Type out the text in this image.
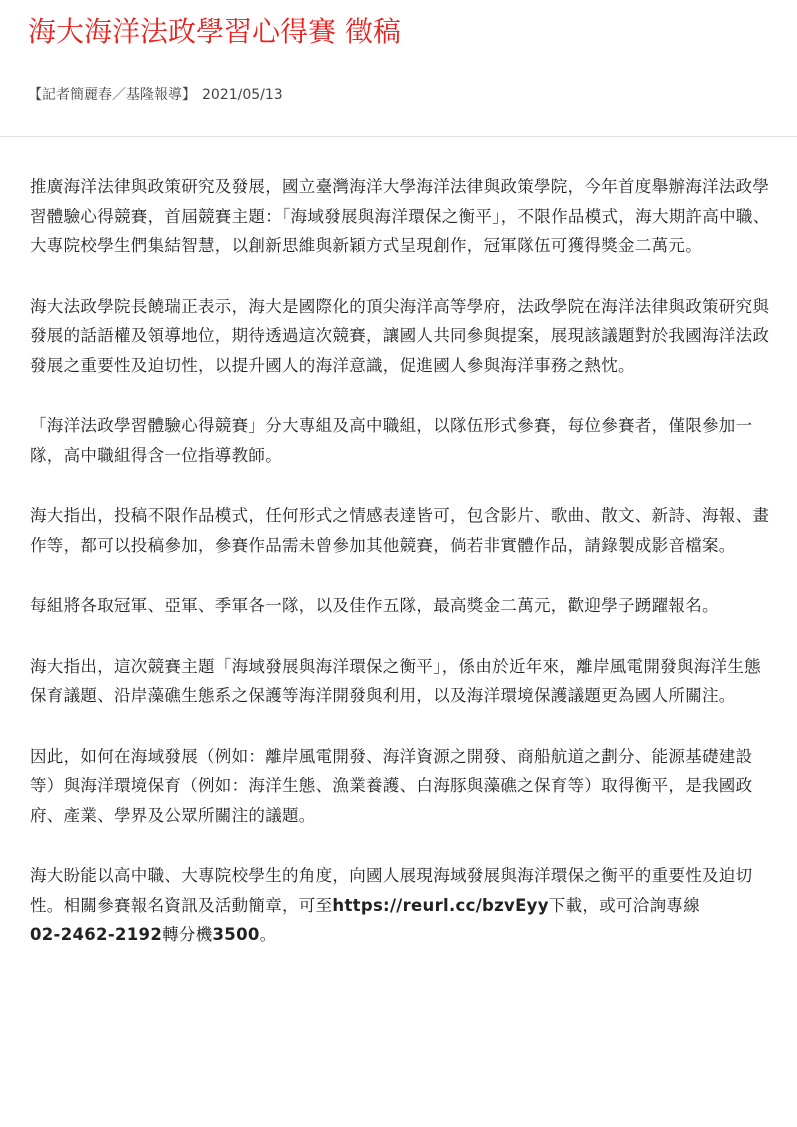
海大海洋法政學習心得賽 徵稿
【記者簡麗春／基隆報導】 2021/05/13

推廣海洋法律與政策研究及發展，國立臺灣海洋大學海洋法律與政策學院，今年首度舉辦海洋法政學習體驗心得競賽，首屆競賽主題：「海域發展與海洋環保之衡平」，不限作品模式，海大期許高中職、大專院校學生們集結智慧，以創新思維與新穎方式呈現創作，冠軍隊伍可獲得獎金二萬元。

海大法政學院長饒瑞正表示，海大是國際化的頂尖海洋高等學府，法政學院在海洋法律與政策研究與發展的話語權及領導地位，期待透過這次競賽，讓國人共同參與提案，展現該議題對於我國海洋法政發展之重要性及迫切性，以提升國人的海洋意識，促進國人參與海洋事務之熱忱。

「海洋法政學習體驗心得競賽」分大專組及高中職組，以隊伍形式參賽，每位參賽者，僅限參加一隊，高中職組得含一位指導教師。

海大指出，投稿不限作品模式，任何形式之情感表達皆可，包含影片、歌曲、散文、新詩、海報、畫作等，都可以投稿參加，參賽作品需未曾參加其他競賽，倘若非實體作品，請錄製成影音檔案。

每組將各取冠軍、亞軍、季軍各一隊，以及佳作五隊，最高獎金二萬元，歡迎學子踴躍報名。

海大指出，這次競賽主題「海域發展與海洋環保之衡平」，係由於近年來，離岸風電開發與海洋生態保育議題、沿岸藻礁生態系之保護等海洋開發與利用，以及海洋環境保護議題更為國人所關注。

因此，如何在海域發展（例如：離岸風電開發、海洋資源之開發、商船航道之劃分、能源基礎建設等）與海洋環境保育（例如：海洋生態、漁業養護、白海豚與藻礁之保育等）取得衡平，是我國政府、產業、學界及公眾所關注的議題。

海大盼能以高中職、大專院校學生的角度，向國人展現海域發展與海洋環保之衡平的重要性及迫切性。相關參賽報名資訊及活動簡章，可至https://reurl.cc/bzvEyy下載，或可洽詢專線
02-2462-2192轉分機3500。
